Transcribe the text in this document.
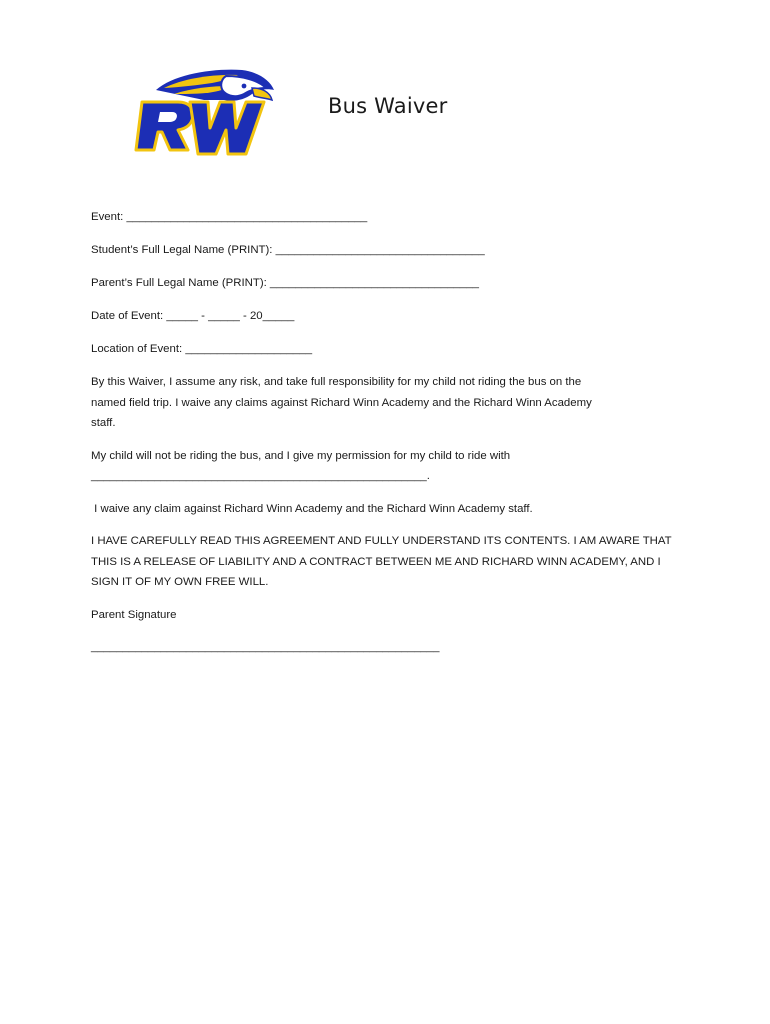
Bus Waiver
Event: ______________________________________
Student’s Full Legal Name (PRINT): _________________________________
Parent’s Full Legal Name (PRINT): _________________________________
Date of Event: _____ - _____ - 20_____
Location of Event: ____________________
By this Waiver, I assume any risk, and take full responsibility for my child not riding the bus on the
named field trip. I waive any claims against Richard Winn Academy and the Richard Winn Academy
staff.
My child will not be riding the bus, and I give my permission for my child to ride with
_____________________________________________________.
I waive any claim against Richard Winn Academy and the Richard Winn Academy staff.
I HAVE CAREFULLY READ THIS AGREEMENT AND FULLY UNDERSTAND ITS CONTENTS. I AM AWARE THAT
THIS IS A RELEASE OF LIABILITY AND A CONTRACT BETWEEN ME AND RICHARD WINN ACADEMY, AND I
SIGN IT OF MY OWN FREE WILL.
Parent Signature
_______________________________________________________
